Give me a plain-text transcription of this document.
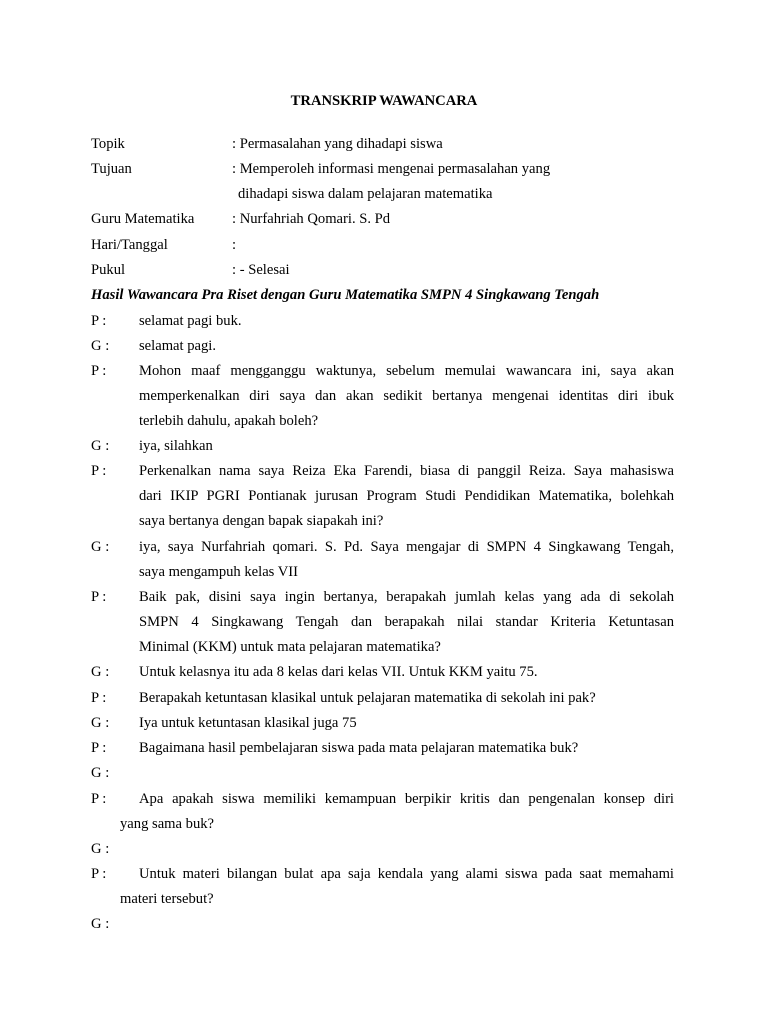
TRANSKRIP WAWANCARA
Topik	: Permasalahan yang dihadapi siswa
Tujuan	: Memperoleh informasi mengenai permasalahan yang
dihadapi siswa dalam pelajaran matematika
Guru Matematika	: Nurfahriah Qomari. S. Pd
Hari/Tanggal	:
Pukul	: - Selesai
Hasil Wawancara Pra Riset dengan Guru Matematika SMPN 4 Singkawang Tengah
P : selamat pagi buk.
G : selamat pagi.
P : Mohon maaf mengganggu waktunya, sebelum memulai wawancara ini, saya akan
memperkenalkan diri saya dan akan sedikit bertanya mengenai identitas diri ibuk
terlebih dahulu, apakah boleh?
G : iya, silahkan
P : Perkenalkan nama saya Reiza Eka Farendi, biasa di panggil Reiza. Saya mahasiswa
dari IKIP PGRI Pontianak jurusan Program Studi Pendidikan Matematika, bolehkah
saya bertanya dengan bapak siapakah ini?
G : iya, saya Nurfahriah qomari. S. Pd. Saya mengajar di SMPN 4 Singkawang Tengah,
saya mengampuh kelas VII
P : Baik pak, disini saya ingin bertanya, berapakah jumlah kelas yang ada di sekolah
SMPN 4 Singkawang Tengah dan berapakah nilai standar Kriteria Ketuntasan
Minimal (KKM) untuk mata pelajaran matematika?
G : Untuk kelasnya itu ada 8 kelas dari kelas VII. Untuk KKM yaitu 75.
P : Berapakah ketuntasan klasikal untuk pelajaran matematika di sekolah ini pak?
G : Iya untuk ketuntasan klasikal juga 75
P : Bagaimana hasil pembelajaran siswa pada mata pelajaran matematika buk?
G :
P : Apa apakah siswa memiliki kemampuan berpikir kritis dan pengenalan konsep diri
yang sama buk?
G :
P : Untuk materi bilangan bulat apa saja kendala yang alami siswa pada saat memahami
materi tersebut?
G :
